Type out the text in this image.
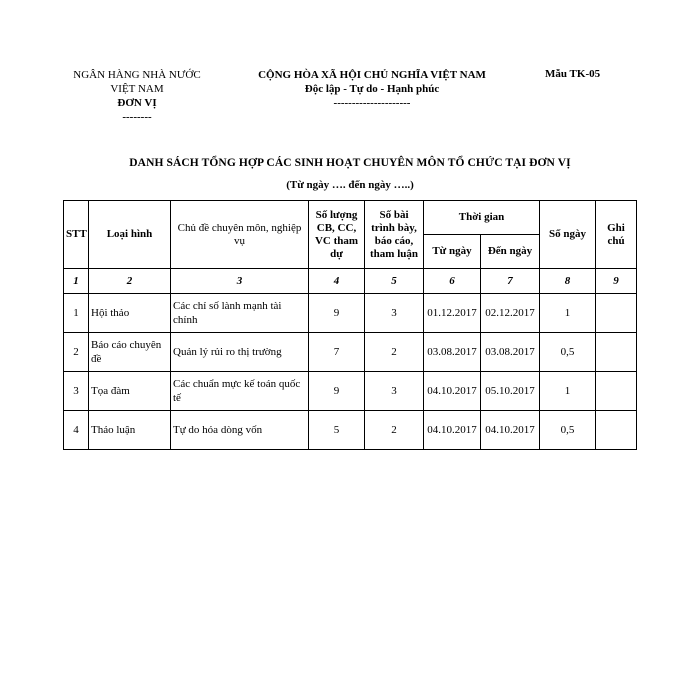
NGÂN HÀNG NHÀ NƯỚC
VIỆT NAM
ĐƠN VỊ
--------
CỘNG HÒA XÃ HỘI CHỦ NGHĨA VIỆT NAM
Độc lập - Tự do - Hạnh phúc
---------------------
Mẫu TK-05
DANH SÁCH TỔNG HỢP CÁC SINH HOẠT CHUYÊN MÔN TỔ CHỨC TẠI ĐƠN VỊ
(Từ ngày …. đến ngày …..)
STT	Loại hình	Chủ đề chuyên môn, nghiệp vụ	Số lượng CB, CC, VC tham dự	Số bài trình bày, báo cáo, tham luận	Thời gian		Số ngày	Ghi chú
					Từ ngày	Đến ngày		
1	2	3	4	5	6	7	8	9
1	Hội thảo	Các chỉ số lành mạnh tài chính	9	3	01.12.2017	02.12.2017	1	
2	Báo cáo chuyên đề	Quản lý rủi ro thị trường	7	2	03.08.2017	03.08.2017	0,5	
3	Tọa đàm	Các chuẩn mực kế toán quốc tế	9	3	04.10.2017	05.10.2017	1	
4	Thảo luận	Tự do hóa dòng vốn	5	2	04.10.2017	04.10.2017	0,5	
